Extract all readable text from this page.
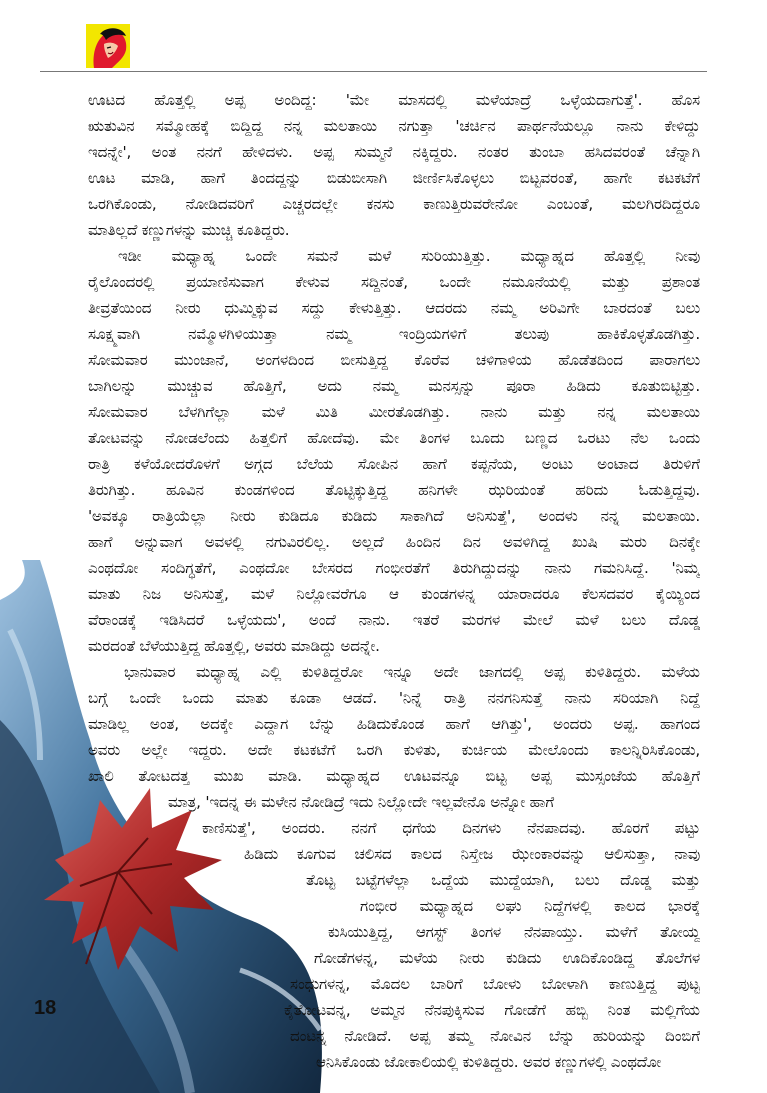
ಊಟದ ಹೊತ್ತಲ್ಲಿ ಅಪ್ಪ ಅಂದಿದ್ದ: 'ಮೇ ಮಾಸದಲ್ಲಿ ಮಳೆಯಾದ್ರೆ ಒಳ್ಳೆಯದಾಗುತ್ತೆ'. ಹೊಸ
ಋತುವಿನ ಸಮ್ಮೋಹಕ್ಕೆ ಬಿದ್ದಿದ್ದ ನನ್ನ ಮಲತಾಯಿ ನಗುತ್ತಾ 'ಚರ್ಚಿನ ಪಾರ್ಥನೆಯಲ್ಲೂ ನಾನು ಕೇಳಿದ್ದು
ಇದನ್ನೇ', ಅಂತ ನನಗೆ ಹೇಳಿದಳು. ಅಪ್ಪ ಸುಮ್ಮನೆ ನಕ್ಕಿದ್ದರು. ನಂತರ ತುಂಬಾ ಹಸಿದವರಂತೆ ಚೆನ್ನಾಗಿ
ಊಟ ಮಾಡಿ, ಹಾಗೆ ತಿಂದದ್ದನ್ನು ಬಿಡುಬೀಸಾಗಿ ಜೀರ್ಣಿಸಿಕೊಳ್ಳಲು ಬಿಟ್ಟವರಂತೆ, ಹಾಗೇ ಕಟಕಟೆಗೆ
ಒರಗಿಕೊಂಡು, ನೋಡಿದವರಿಗೆ ಎಚ್ಚರದಲ್ಲೇ ಕನಸು ಕಾಣುತ್ತಿರುವರೇನೋ ಎಂಬಂತೆ, ಮಲಗಿರದಿದ್ದರೂ
ಮಾತಿಲ್ಲದೆ ಕಣ್ಣುಗಳನ್ನು ಮುಚ್ಚಿ ಕೂತಿದ್ದರು.
ಇಡೀ ಮಧ್ಯಾಹ್ನ ಒಂದೇ ಸಮನೆ ಮಳೆ ಸುರಿಯುತ್ತಿತ್ತು. ಮಧ್ಯಾಹ್ನದ ಹೊತ್ತಲ್ಲಿ ನೀವು
ರೈಲೊಂದರಲ್ಲಿ ಪ್ರಯಾಣಿಸುವಾಗ ಕೇಳುವ ಸದ್ದಿನಂತೆ, ಒಂದೇ ನಮೂನೆಯಲ್ಲಿ ಮತ್ತು ಪ್ರಶಾಂತ
ತೀವ್ರತೆಯಿಂದ ನೀರು ಧುಮ್ಮಿಕ್ಕುವ ಸದ್ದು ಕೇಳುತ್ತಿತ್ತು. ಆದರದು ನಮ್ಮ ಅರಿವಿಗೇ ಬಾರದಂತೆ ಬಲು
ಸೂಕ್ಷ್ಮವಾಗಿ ನಮ್ಮೊಳಗಿಳಿಯುತ್ತಾ ನಮ್ಮ ಇಂದ್ರಿಯಗಳಿಗೆ ತಲುಪು ಹಾಕಿಕೊಳ್ಳತೊಡಗಿತ್ತು.
ಸೋಮವಾರ ಮುಂಜಾನೆ, ಅಂಗಳದಿಂದ ಬೀಸುತ್ತಿದ್ದ ಕೊರೆವ ಚಳಿಗಾಳಿಯ ಹೊಡೆತದಿಂದ ಪಾರಾಗಲು
ಬಾಗಿಲನ್ನು ಮುಚ್ಚುವ ಹೊತ್ತಿಗೆ, ಅದು ನಮ್ಮ ಮನಸ್ಸನ್ನು ಪೂರಾ ಹಿಡಿದು ಕೂತುಬಿಟ್ಟಿತ್ತು.
ಸೋಮವಾರ ಬೆಳಗಿಗೆಲ್ಲಾ ಮಳೆ ಮಿತಿ ಮೀರತೊಡಗಿತ್ತು. ನಾನು ಮತ್ತು ನನ್ನ ಮಲತಾಯಿ
ತೋಟವನ್ನು ನೋಡಲೆಂದು ಹಿತ್ತಲಿಗೆ ಹೋದೆವು. ಮೇ ತಿಂಗಳ ಬೂದು ಬಣ್ಣದ ಒರಟು ನೆಲ ಒಂದು
ರಾತ್ರಿ ಕಳೆಯೋದರೊಳಗೆ ಅಗ್ಗದ ಬೆಲೆಯ ಸೋಪಿನ ಹಾಗೆ ಕಪ್ಪನೆಯ, ಅಂಟು ಅಂಟಾದ ತಿರುಳಿಗೆ
ತಿರುಗಿತ್ತು. ಹೂವಿನ ಕುಂಡಗಳಿಂದ ತೊಟ್ಟಿಕ್ಕುತ್ತಿದ್ದ ಹನಿಗಳೇ ಝರಿಯಂತೆ ಹರಿದು ಓಡುತ್ತಿದ್ದವು.
'ಅವಕ್ಕೂ ರಾತ್ರಿಯೆಲ್ಲಾ ನೀರು ಕುಡಿದೂ ಕುಡಿದು ಸಾಕಾಗಿದೆ ಅನಿಸುತ್ತೆ', ಅಂದಳು ನನ್ನ ಮಲತಾಯಿ.
ಹಾಗೆ ಅನ್ನುವಾಗ ಅವಳಲ್ಲಿ ನಗುವಿರಲಿಲ್ಲ. ಅಲ್ಲದೆ ಹಿಂದಿನ ದಿನ ಅವಳಿಗಿದ್ದ ಖುಷಿ ಮರು ದಿನಕ್ಕೇ
ಎಂಥದೋ ಸಂದಿಗ್ಧತೆಗೆ, ಎಂಥದೋ ಬೇಸರದ ಗಂಭೀರತೆಗೆ ತಿರುಗಿದ್ದುದನ್ನು ನಾನು ಗಮನಿಸಿದ್ದೆ. 'ನಿಮ್ಮ
ಮಾತು ನಿಜ ಅನಿಸುತ್ತೆ, ಮಳೆ ನಿಲ್ಲೋವರೆಗೂ ಆ ಕುಂಡಗಳನ್ನ ಯಾರಾದರೂ ಕೆಲಸದವರ ಕೈಯ್ಯಿಂದ
ವೆರಾಂಡಕ್ಕೆ ಇಡಿಸಿದರೆ ಒಳ್ಳೆಯದು', ಅಂದೆ ನಾನು. ಇತರೆ ಮರಗಳ ಮೇಲೆ ಮಳೆ ಬಲು ದೊಡ್ಡ
ಮರದಂತೆ ಬೆಳೆಯುತ್ತಿದ್ದ ಹೊತ್ತಲ್ಲಿ, ಅವರು ಮಾಡಿದ್ದು ಅದನ್ನೇ.
ಭಾನುವಾರ ಮಧ್ಯಾಹ್ನ ಎಲ್ಲಿ ಕುಳಿತಿದ್ದರೋ ಇನ್ನೂ ಅದೇ ಜಾಗದಲ್ಲಿ ಅಪ್ಪ ಕುಳಿತಿದ್ದರು. ಮಳೆಯ
ಬಗ್ಗೆ ಒಂದೇ ಒಂದು ಮಾತು ಕೂಡಾ ಆಡದೆ. 'ನಿನ್ನೆ ರಾತ್ರಿ ನನಗನಿಸುತ್ತೆ ನಾನು ಸರಿಯಾಗಿ ನಿದ್ದೆ
ಮಾಡಿಲ್ಲ ಅಂತ, ಅದಕ್ಕೇ ಎದ್ದಾಗ ಬೆನ್ನು ಹಿಡಿದುಕೊಂಡ ಹಾಗೆ ಆಗಿತ್ತು', ಅಂದರು ಅಪ್ಪ. ಹಾಗಂದ
ಅವರು ಅಲ್ಲೇ ಇದ್ದರು. ಅದೇ ಕಟಕಟೆಗೆ ಒರಗಿ ಕುಳಿತು, ಕುರ್ಚಿಯ ಮೇಲೊಂದು ಕಾಲನ್ನಿರಿಸಿಕೊಂಡು,
ಖಾಲಿ ತೋಟದತ್ತ ಮುಖ ಮಾಡಿ. ಮಧ್ಯಾಹ್ನದ ಊಟವನ್ನೂ ಬಿಟ್ಟ ಅಪ್ಪ ಮುಸ್ಸಂಜೆಯ ಹೊತ್ತಿಗೆ
ಮಾತ್ರ, 'ಇದನ್ನ ಈ ಮಳೇನ ನೋಡಿದ್ರೆ ಇದು ನಿಲ್ಲೋದೇ ಇಲ್ಲವೇನೊ ಅನ್ನೋ ಹಾಗೆ
ಕಾಣಿಸುತ್ತೆ', ಅಂದರು. ನನಗೆ ಧಗೆಯ ದಿನಗಳು ನೆನಪಾದವು. ಹೊರಗೆ ಪಟ್ಟು
ಹಿಡಿದು ಕೂಗುವ ಚಲಿಸದ ಕಾಲದ ನಿಸ್ತೇಜ ಝೇಂಕಾರವನ್ನು ಆಲಿಸುತ್ತಾ, ನಾವು
ತೊಟ್ಟ ಬಟ್ಟೆಗಳೆಲ್ಲಾ ಒದ್ದೆಯ ಮುದ್ದೆಯಾಗಿ, ಬಲು ದೊಡ್ಡ ಮತ್ತು
ಗಂಭೀರ ಮಧ್ಯಾಹ್ನದ ಲಘು ನಿದ್ದೆಗಳಲ್ಲಿ ಕಾಲದ ಭಾರಕ್ಕೆ
ಕುಸಿಯುತ್ತಿದ್ದ, ಆಗಸ್ಟ್ ತಿಂಗಳ ನೆನಪಾಯ್ತು. ಮಳೆಗೆ ತೋಯ್ದ
ಗೋಡೆಗಳನ್ನ, ಮಳೆಯ ನೀರು ಕುಡಿದು ಊದಿಕೊಂಡಿದ್ದ ತೊಲೆಗಳ
ಸಂಧುಗಳನ್ನ, ಮೊದಲ ಬಾರಿಗೆ ಬೋಳು ಬೋಳಾಗಿ ಕಾಣುತ್ತಿದ್ದ ಪುಟ್ಟ
ಕೈತೋಟವನ್ನ, ಅಮ್ಮನ ನೆನಪುಕ್ಕಿಸುವ ಗೋಡೆಗೆ ಹಬ್ಬಿ ನಿಂತ ಮಲ್ಲಿಗೆಯ
ದಂಟನ್ನ ನೋಡಿದೆ. ಅಪ್ಪ ತಮ್ಮ ನೋವಿನ ಬೆನ್ನು ಹುರಿಯನ್ನು ದಿಂಬಿಗೆ
ಆನಿಸಿಕೊಂಡು ಜೋಕಾಲಿಯಲ್ಲಿ ಕುಳಿತಿದ್ದರು. ಅವರ ಕಣ್ಣುಗಳಲ್ಲಿ ಎಂಥದೋ
18
